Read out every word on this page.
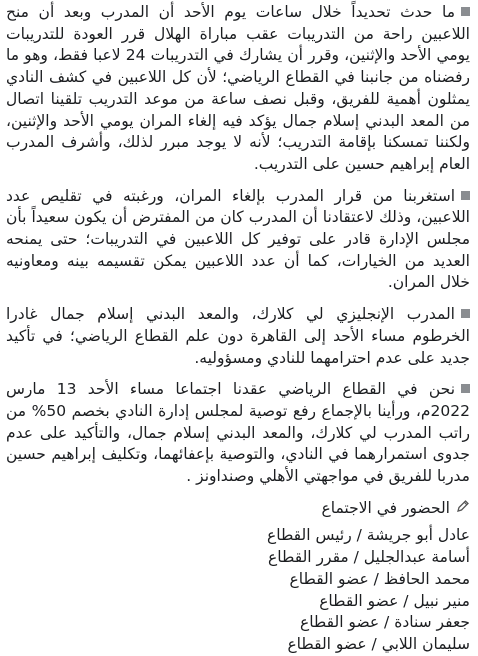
ما حدث تحديداً خلال ساعات يوم الأحد أن المدرب وبعد أن منح اللاعبين راحة من التدريبات عقب مباراة الهلال قرر العودة للتدريبات يومي الأحد والإثنين، وقرر أن يشارك في التدريبات 24 لاعبا فقط، وهو ما رفضناه من جانبنا في القطاع الرياضي؛ لأن كل اللاعبين في كشف النادي يمثلون أهمية للفريق، وقبل نصف ساعة من موعد التدريب تلقينا اتصال من المعد البدني إسلام جمال يؤكد فيه إلغاء المران يومي الأحد والإثنين، ولكننا تمسكنا بإقامة التدريب؛ لأنه لا يوجد مبرر لذلك، وأشرف المدرب العام إبراهيم حسين على التدريب.

استغربنا من قرار المدرب بإلغاء المران، ورغبته في تقليص عدد اللاعبين، وذلك لاعتقادنا أن المدرب كان من المفترض أن يكون سعيداً بأن مجلس الإدارة قادر على توفير كل اللاعبين في التدريبات؛ حتى يمنحه العديد من الخيارات، كما أن عدد اللاعبين يمكن تقسيمه بينه ومعاونيه خلال المران.

المدرب الإنجليزي لي كلارك، والمعد البدني إسلام جمال غادرا الخرطوم مساء الأحد إلى القاهرة دون علم القطاع الرياضي؛ في تأكيد جديد على عدم احترامهما للنادي ومسؤوليه.

نحن في القطاع الرياضي عقدنا اجتماعا مساء الأحد 13 مارس 2022م، ورأينا بالإجماع رفع توصية لمجلس إدارة النادي بخصم 50% من راتب المدرب لي كلارك، والمعد البدني إسلام جمال، والتأكيد على عدم جدوى استمرارهما في النادي، والتوصية بإعفائهما، وتكليف إبراهيم حسين مدربا للفريق في مواجهتي الأهلي وصنداونز .

الحضور في الاجتماع

عادل أبو جريشة / رئيس القطاع
أسامة عبدالجليل / مقرر القطاع
محمد الحافظ / عضو القطاع
منير نبيل / عضو القطاع
جعفر سنادة / عضو القطاع
سليمان اللابي / عضو القطاع
